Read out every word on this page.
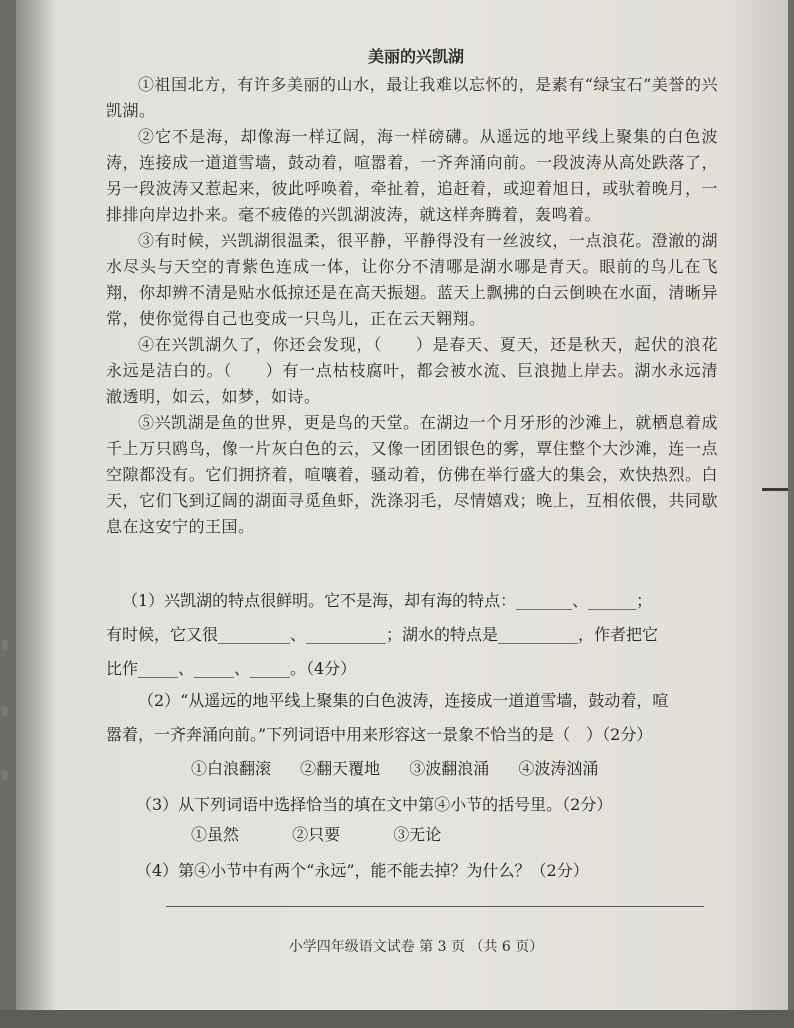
美丽的兴凯湖

①祖国北方，有许多美丽的山水，最让我难以忘怀的，是素有“绿宝石”美誉的兴凯湖。

②它不是海，却像海一样辽阔，海一样磅礴。从遥远的地平线上聚集的白色波涛，连接成一道道雪墙，鼓动着，喧嚣着，一齐奔涌向前。一段波涛从高处跌落了，另一段波涛又惹起来，彼此呼唤着，牵扯着，追赶着，或迎着旭日，或驮着晚月，一排排向岸边扑来。毫不疲倦的兴凯湖波涛，就这样奔腾着，轰鸣着。

③有时候，兴凯湖很温柔，很平静，平静得没有一丝波纹，一点浪花。澄澈的湖水尽头与天空的青紫色连成一体，让你分不清哪是湖水哪是青天。眼前的鸟儿在飞翔，你却辨不清是贴水低掠还是在高天振翅。蓝天上飘拂的白云倒映在水面，清晰异常，使你觉得自己也变成一只鸟儿，正在云天翱翔。

④在兴凯湖久了，你还会发现，（　　）是春天、夏天，还是秋天，起伏的浪花永远是洁白的。（　　）有一点枯枝腐叶，都会被水流、巨浪抛上岸去。湖水永远清澈透明，如云，如梦，如诗。

⑤兴凯湖是鱼的世界，更是鸟的天堂。在湖边一个月牙形的沙滩上，就栖息着成千上万只鸥鸟，像一片灰白色的云，又像一团团银色的雾，覃住整个大沙滩，连一点空隙都没有。它们拥挤着，喧嚷着，骚动着，仿佛在举行盛大的集会，欢快热烈。白天，它们飞到辽阔的湖面寻觅鱼虾，洗涤羽毛，尽情嬉戏；晚上，互相依偎，共同歇息在这安宁的王国。

（1）兴凯湖的特点很鲜明。它不是海，却有海的特点：_______、______；
有时候，它又很_________、__________；湖水的特点是__________，作者把它
比作_____、_____、_____。（4分）
（2）“从遥远的地平线上聚集的白色波涛，连接成一道道雪墙，鼓动着，喧
嚣着，一齐奔涌向前。”下列词语中用来形容这一景象不恰当的是（　）（2分）
①白浪翻滚 ②翻天覆地 ③波翻浪涌 ④波涛汹涌
（3）从下列词语中选择恰当的填在文中第④小节的括号里。（2分）
①虽然	②只要	③无论
（4）第④小节中有两个“永远”，能不能去掉？为什么？（2分）
小学四年级语文试卷 第 3 页 （共 6 页）
